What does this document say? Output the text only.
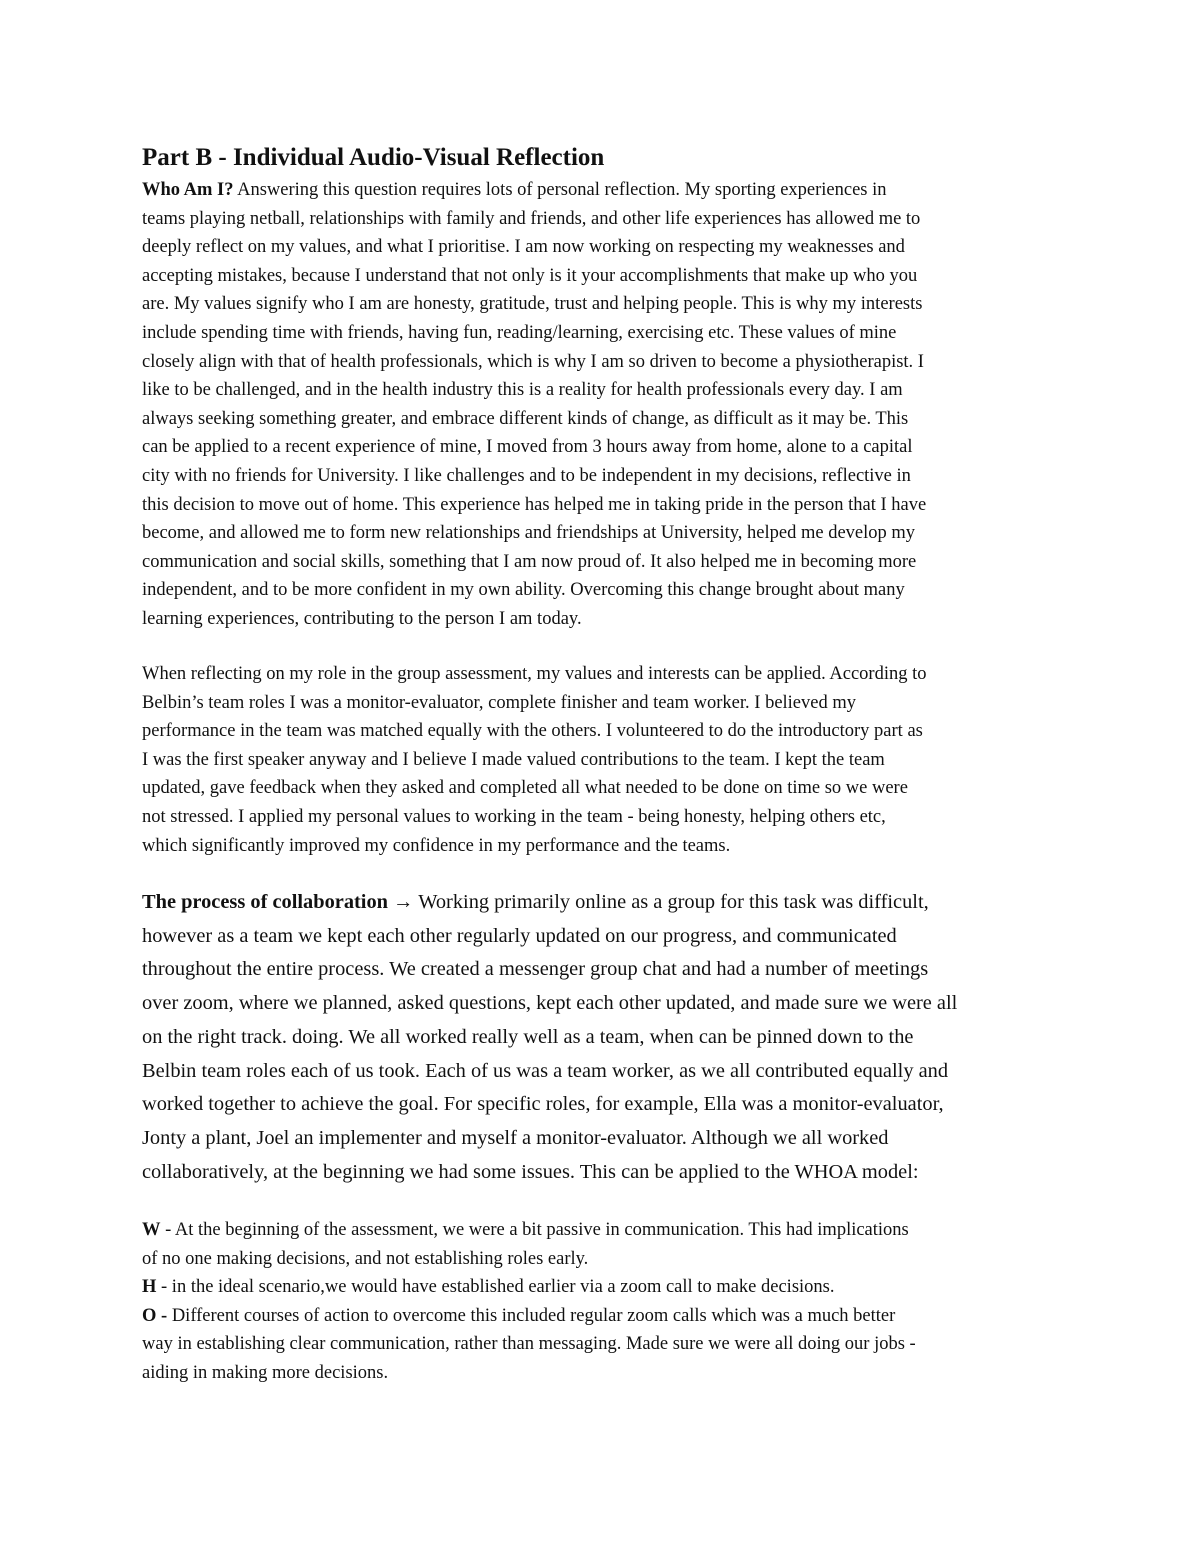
Part B - Individual Audio-Visual Reflection
Who Am I? Answering this question requires lots of personal reflection. My sporting experiences in
teams playing netball, relationships with family and friends, and other life experiences has allowed me to
deeply reflect on my values, and what I prioritise. I am now working on respecting my weaknesses and
accepting mistakes, because I understand that not only is it your accomplishments that make up who you
are. My values signify who I am are honesty, gratitude, trust and helping people. This is why my interests
include spending time with friends, having fun, reading/learning, exercising etc. These values of mine
closely align with that of health professionals, which is why I am so driven to become a physiotherapist. I
like to be challenged, and in the health industry this is a reality for health professionals every day. I am
always seeking something greater, and embrace different kinds of change, as difficult as it may be. This
can be applied to a recent experience of mine, I moved from 3 hours away from home, alone to a capital
city with no friends for University. I like challenges and to be independent in my decisions, reflective in
this decision to move out of home. This experience has helped me in taking pride in the person that I have
become, and allowed me to form new relationships and friendships at University, helped me develop my
communication and social skills, something that I am now proud of. It also helped me in becoming more
independent, and to be more confident in my own ability. Overcoming this change brought about many
learning experiences, contributing to the person I am today.
When reflecting on my role in the group assessment, my values and interests can be applied. According to
Belbin’s team roles I was a monitor-evaluator, complete finisher and team worker. I believed my
performance in the team was matched equally with the others. I volunteered to do the introductory part as
I was the first speaker anyway and I believe I made valued contributions to the team. I kept the team
updated, gave feedback when they asked and completed all what needed to be done on time so we were
not stressed. I applied my personal values to working in the team - being honesty, helping others etc,
which significantly improved my confidence in my performance and the teams.
The process of collaboration → Working primarily online as a group for this task was difficult,
however as a team we kept each other regularly updated on our progress, and communicated
throughout the entire process. We created a messenger group chat and had a number of meetings
over zoom, where we planned, asked questions, kept each other updated, and made sure we were all
on the right track. doing. We all worked really well as a team, when can be pinned down to the
Belbin team roles each of us took. Each of us was a team worker, as we all contributed equally and
worked together to achieve the goal. For specific roles, for example, Ella was a monitor-evaluator,
Jonty a plant, Joel an implementer and myself a monitor-evaluator. Although we all worked
collaboratively, at the beginning we had some issues. This can be applied to the WHOA model:
W - At the beginning of the assessment, we were a bit passive in communication. This had implications
of no one making decisions, and not establishing roles early.
H - in the ideal scenario,we would have established earlier via a zoom call to make decisions.
O - Different courses of action to overcome this included regular zoom calls which was a much better
way in establishing clear communication, rather than messaging. Made sure we were all doing our jobs -
aiding in making more decisions.
